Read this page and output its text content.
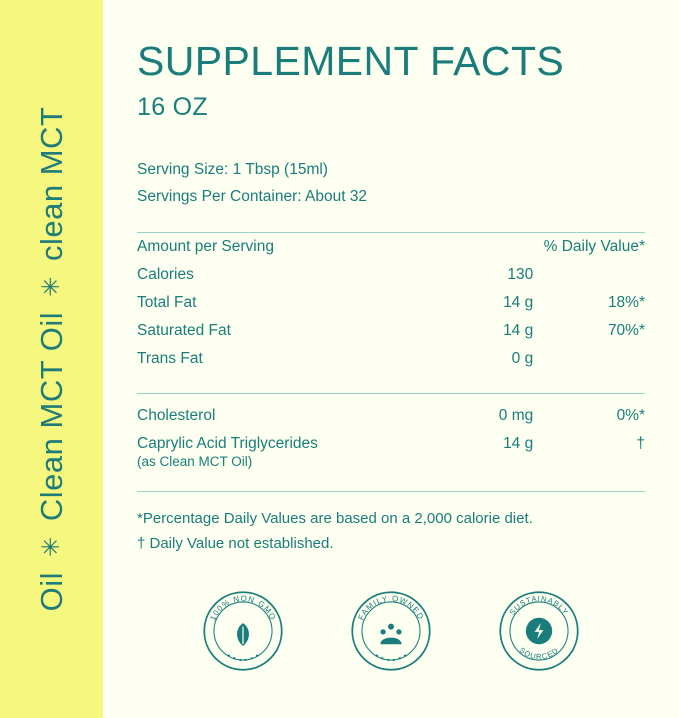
Oil ✳ Clean MCT Oil ✳ clean MCT
SUPPLEMENT FACTS
16 OZ
Serving Size: 1 Tbsp (15ml)
Servings Per Container: About 32
Amount per Serving		% Daily Value*
Calories	130	
Total Fat	14 g	18%*
Saturated Fat	14 g	70%*
Trans Fat	0 g	
Cholesterol	0 mg	0%*
Caprylic Acid Triglycerides
(as Clean MCT Oil)	14 g	†
*Percentage Daily Values are based on a 2,000 calorie diet.
† Daily Value not established.
100% NON GMO	FAMILY OWNED	SUSTAINABLY
SOURCED
